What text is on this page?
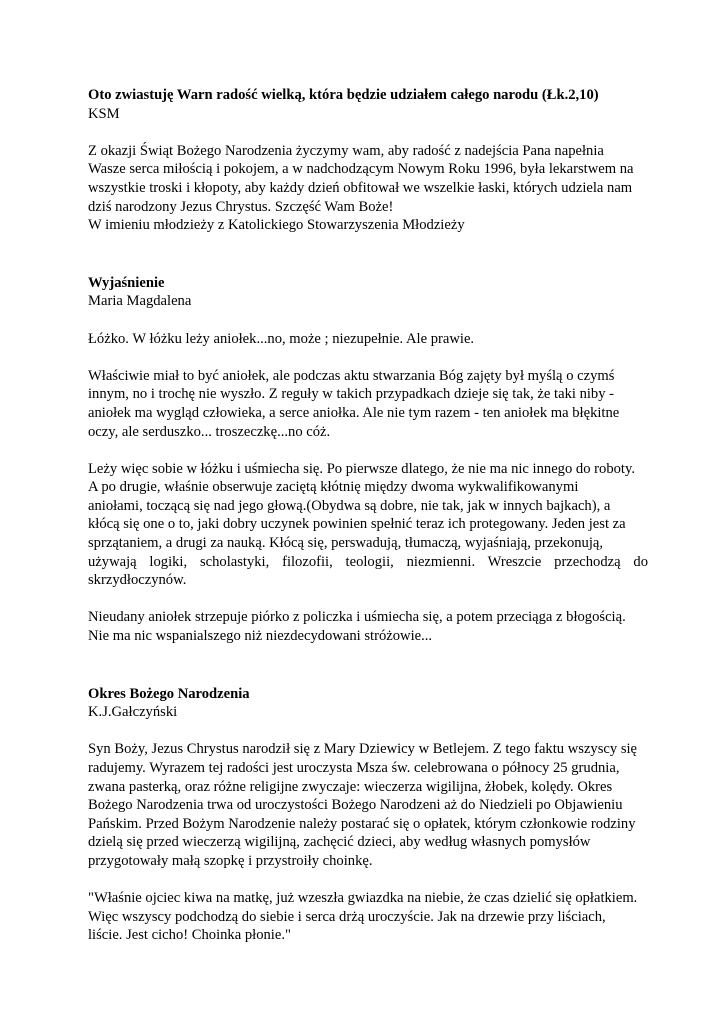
Oto zwiastuję Warn radość wielką, która będzie udziałem całego narodu (Łk.2,10)

KSM

Z okazji Świąt Bożego Narodzenia życzymy wam, aby radość z nadejścia Pana napełnia
Wasze serca miłością i pokojem, a w nadchodzącym Nowym Roku 1996, była lekarstwem na
wszystkie troski i kłopoty, aby każdy dzień obfitował we wszelkie łaski, których udziela nam
dziś narodzony Jezus Chrystus. Szczęść Wam Boże!
W imieniu młodzieży z Katolickiego Stowarzyszenia Młodzieży

Wyjaśnienie

Maria Magdalena

Łóżko. W łóżku leży aniołek...no, może ; niezupełnie. Ale prawie.

Właściwie miał to być aniołek, ale podczas aktu stwarzania Bóg zajęty był myślą o czymś
innym, no i trochę nie wyszło. Z reguły w takich przypadkach dzieje się tak, że taki niby -
aniołek ma wygląd człowieka, a serce aniołka. Ale nie tym razem - ten aniołek ma błękitne
oczy, ale serduszko... troszeczkę...no cóż.

Leży więc sobie w łóżku i uśmiecha się. Po pierwsze dlatego, że nie ma nic innego do roboty.
A po drugie, właśnie obserwuje zaciętą kłótnię między dwoma wykwalifikowanymi
aniołami, toczącą się nad jego głową.(Obydwa są dobre, nie tak, jak w innych bajkach), a
kłócą się one o to, jaki dobry uczynek powinien spełnić teraz ich protegowany. Jeden jest za
sprzątaniem, a drugi za nauką. Kłócą się, perswadują, tłumaczą, wyjaśniają, przekonują,
używają logiki, scholastyki, filozofii, teologii, niezmienni. Wreszcie przechodzą do
skrzydłoczynów.

Nieudany aniołek strzepuje piórko z policzka i uśmiecha się, a potem przeciąga z błogością.
Nie ma nic wspanialszego niż niezdecydowani stróżowie...

Okres Bożego Narodzenia

K.J.Gałczyński

Syn Boży, Jezus Chrystus narodził się z Mary Dziewicy w Betlejem. Z tego faktu wszyscy się
radujemy. Wyrazem tej radości jest uroczysta Msza św. celebrowana o północy 25 grudnia,
zwana pasterką, oraz różne religijne zwyczaje: wieczerza wigilijna, żłobek, kolędy. Okres
Bożego Narodzenia trwa od uroczystości Bożego Narodzeni aż do Niedzieli po Objawieniu
Pańskim. Przed Bożym Narodzenie należy postarać się o opłatek, którym członkowie rodziny
dzielą się przed wieczerzą wigilijną, zachęcić dzieci, aby według własnych pomysłów
przygotowały małą szopkę i przystroiły choinkę.

"Właśnie ojciec kiwa na matkę, już wzeszła gwiazdka na niebie, że czas dzielić się opłatkiem.
Więc wszyscy podchodzą do siebie i serca drżą uroczyście. Jak na drzewie przy liściach,
liście. Jest cicho! Choinka płonie."
